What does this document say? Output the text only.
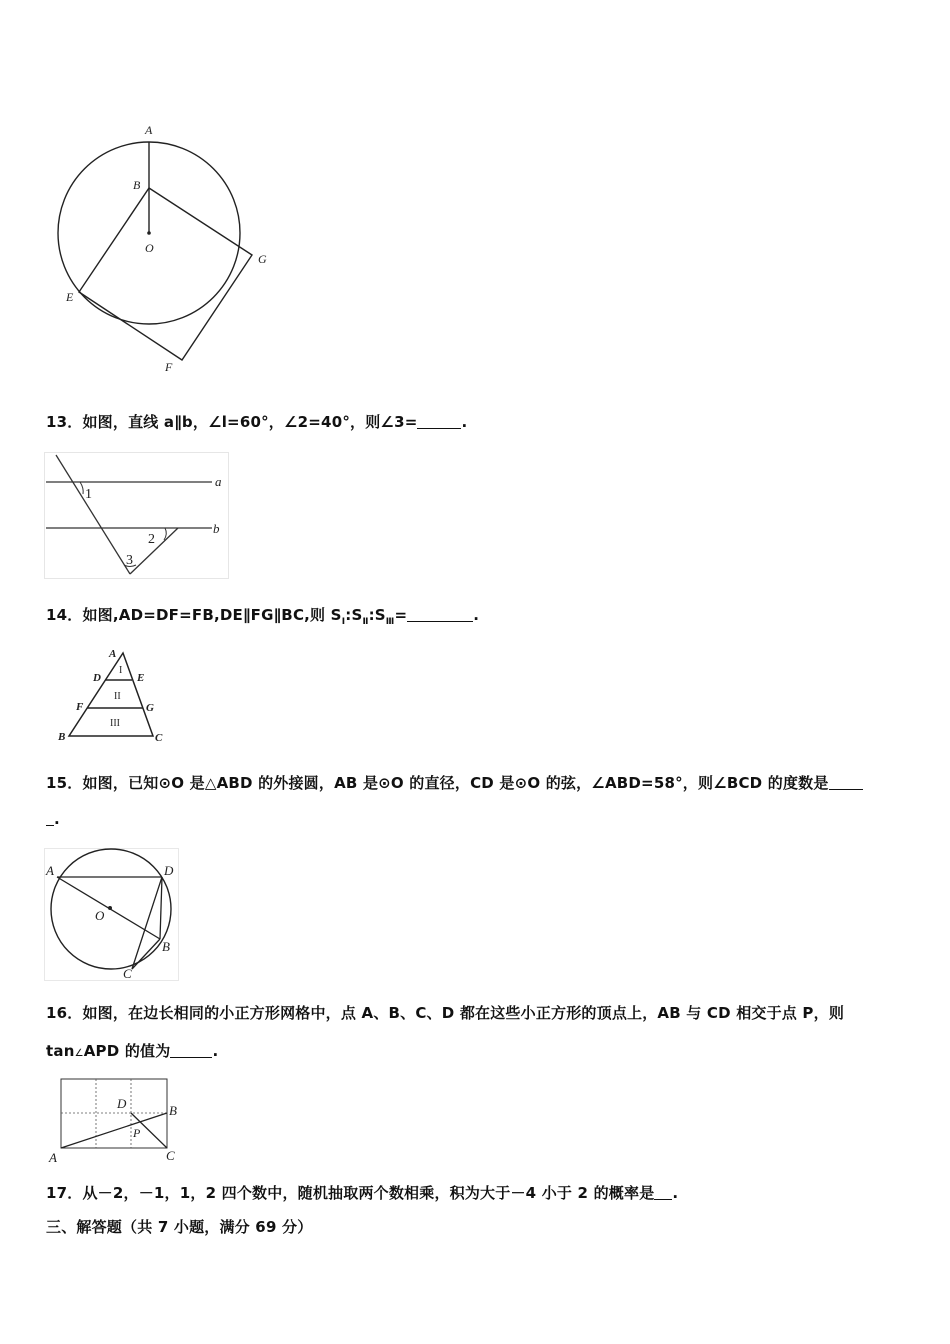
A
B
O
G
E
F
13．如图，直线 a∥b，∠l=60°，∠2=40°，则∠3=	.
a
b
1
2
3
14．如图,AD=DF=FB,DE∥FG∥BC,则 $S_Ⅰ:S_Ⅱ:S_Ⅲ=$	.
A
D	E
F	G
B	C
I
II
III
15．如图，已知⊙O 是△ABD 的外接圆，AB 是⊙O 的直径，CD 是⊙O 的弦，∠ABD=58°，则∠BCD 的度数是
.
A	D
O
B
C
16．如图，在边长相同的小正方形网格中，点 A、B、C、D 都在这些小正方形的顶点上，AB 与 CD 相交于点 P，则
tan∠APD 的值为	.
A
B
C
D
P
17．从－2，－1，1，2 四个数中，随机抽取两个数相乘，积为大于－4 小于 2 的概率是 .
三、解答题（共 7 小题，满分 69 分）
